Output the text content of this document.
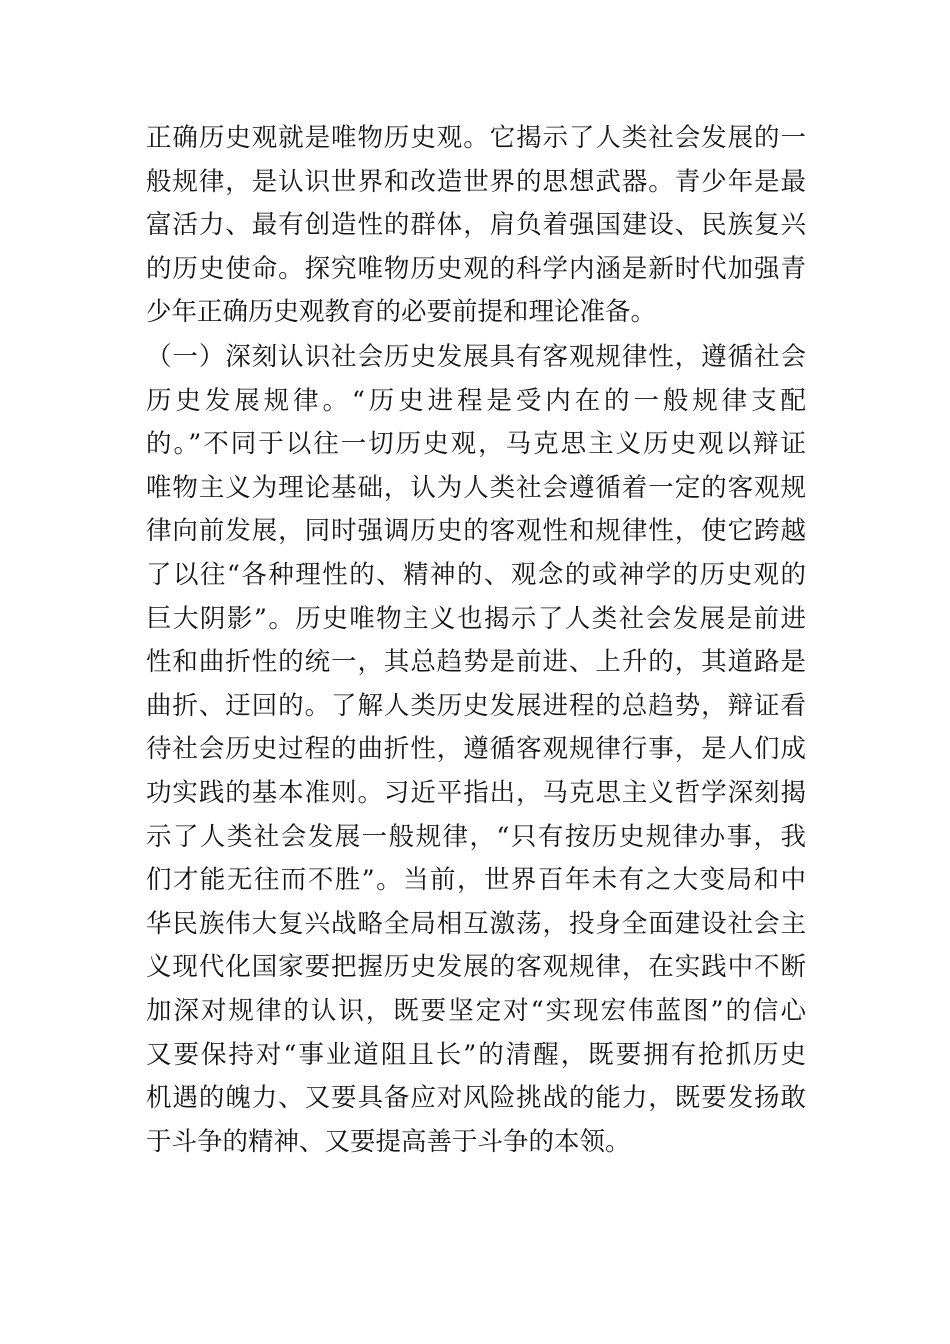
正确历史观就是唯物历史观。它揭示了人类社会发展的一
般规律，是认识世界和改造世界的思想武器。青少年是最
富活力、最有创造性的群体，肩负着强国建设、民族复兴
的历史使命。探究唯物历史观的科学内涵是新时代加强青
少年正确历史观教育的必要前提和理论准备。

（一）深刻认识社会历史发展具有客观规律性，遵循社会
历史发展规律。“历史进程是受内在的一般规律支配
的。”不同于以往一切历史观，马克思主义历史观以辩证
唯物主义为理论基础，认为人类社会遵循着一定的客观规
律向前发展，同时强调历史的客观性和规律性，使它跨越
了以往“各种理性的、精神的、观念的或神学的历史观的
巨大阴影”。历史唯物主义也揭示了人类社会发展是前进
性和曲折性的统一，其总趋势是前进、上升的，其道路是
曲折、迂回的。了解人类历史发展进程的总趋势，辩证看
待社会历史过程的曲折性，遵循客观规律行事，是人们成
功实践的基本准则。习近平指出，马克思主义哲学深刻揭
示了人类社会发展一般规律，“只有按历史规律办事，我
们才能无往而不胜”。当前，世界百年未有之大变局和中
华民族伟大复兴战略全局相互激荡，投身全面建设社会主
义现代化国家要把握历史发展的客观规律，在实践中不断
加深对规律的认识，既要坚定对“实现宏伟蓝图”的信心
又要保持对“事业道阻且长”的清醒，既要拥有抢抓历史
机遇的魄力、又要具备应对风险挑战的能力，既要发扬敢
于斗争的精神、又要提高善于斗争的本领。
